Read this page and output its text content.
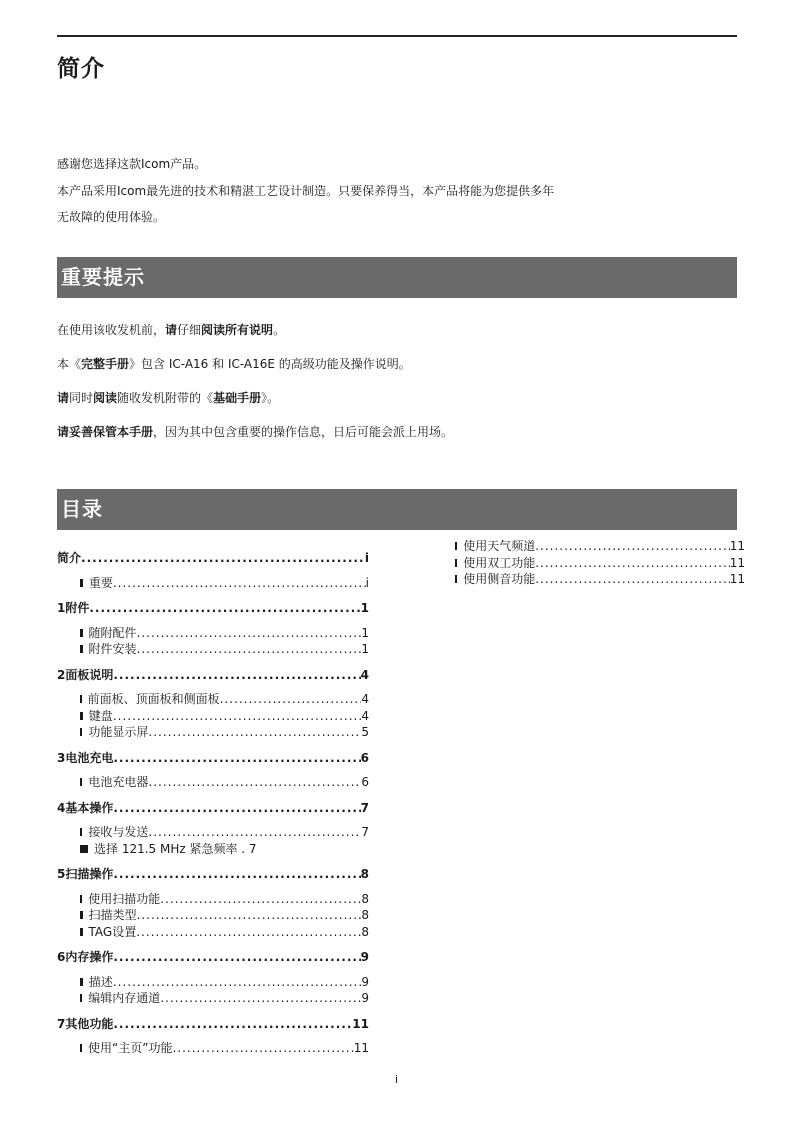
简介

感谢您选择这款Icom产品。

本产品采用Icom最先进的技术和精湛工艺设计制造。只要保养得当，本产品将能为您提供多年

无故障的使用体验。

重要提示

在使用该收发机前，请仔细阅读所有说明。

本《完整手册》包含 IC-A16 和 IC-A16E 的高级功能及操作说明。

请同时阅读随收发机附带的《基础手册》。

请妥善保管本手册，因为其中包含重要的操作信息，日后可能会派上用场。

目录
简介 .....	i
重要 .....	i
1 附件 .....	1
随附配件 .....	1
附件安装 .....	1
2 面板说明 .....	4
前面板、顶面板和侧面板 .....	4
键盘 .....	4
功能显示屏 .....	5
3 电池充电 .....	6
电池充电器 .....	6
4 基本操作 .....	7
接收与发送 .....	7
选择 121.5 MHz 紧急频率 . 7
5 扫描操作 .....	8
使用扫描功能 .....	8
扫描类型 .....	8
TAG设置 .....	8
6 内存操作 .....	9
描述 .....	9
编辑内存通道 .....	9
7 其他功能 .....	11
使用“主页”功能 .....	11
使用天气频道 .....	11
使用双工功能 .....	11
使用侧音功能 .....	11
i
